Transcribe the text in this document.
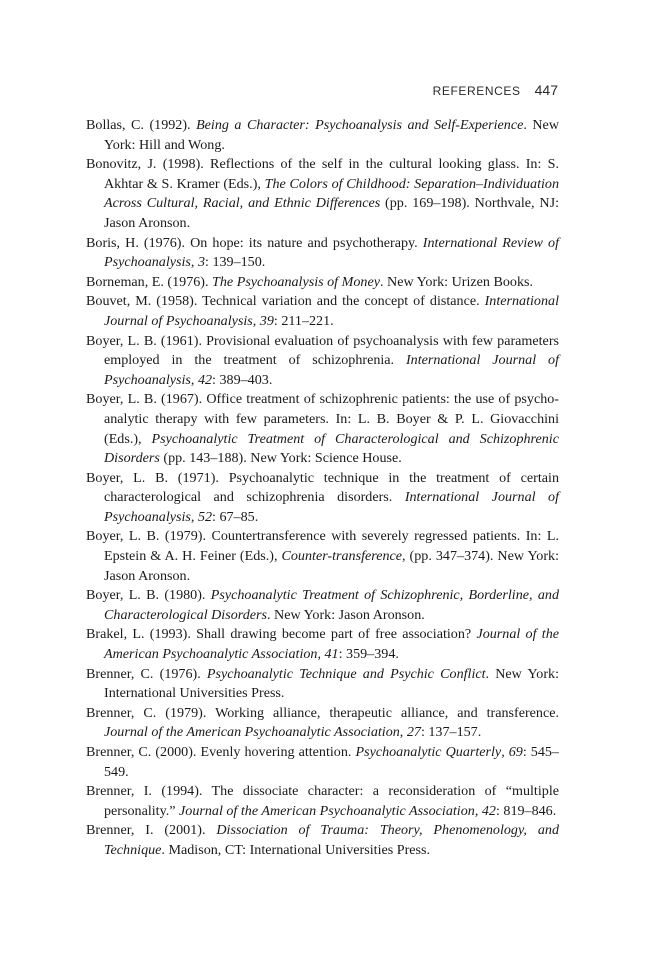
REFERENCES 447

Bollas, C. (1992). Being a Character: Psychoanalysis and Self-Experience. New York: Hill and Wong.

Bonovitz, J. (1998). Reflections of the self in the cultural looking glass. In: S. Akhtar & S. Kramer (Eds.), The Colors of Childhood: Separation–Individuation Across Cultural, Racial, and Ethnic Differences (pp. 169–198). Northvale, NJ: Jason Aronson.

Boris, H. (1976). On hope: its nature and psychotherapy. International Review of Psychoanalysis, 3: 139–150.

Borneman, E. (1976). The Psychoanalysis of Money. New York: Urizen Books.

Bouvet, M. (1958). Technical variation and the concept of distance. International Journal of Psychoanalysis, 39: 211–221.

Boyer, L. B. (1961). Provisional evaluation of psychoanalysis with few parameters employed in the treatment of schizophrenia. International Journal of Psychoanalysis, 42: 389–403.

Boyer, L. B. (1967). Office treatment of schizophrenic patients: the use of psycho-analytic therapy with few parameters. In: L. B. Boyer & P. L. Giovacchini (Eds.), Psychoanalytic Treatment of Characterological and Schizophrenic Disorders (pp. 143–188). New York: Science House.

Boyer, L. B. (1971). Psychoanalytic technique in the treatment of certain characterological and schizophrenia disorders. International Journal of Psychoanalysis, 52: 67–85.

Boyer, L. B. (1979). Countertransference with severely regressed patients. In: L. Epstein & A. H. Feiner (Eds.), Counter-transference, (pp. 347–374). New York: Jason Aronson.

Boyer, L. B. (1980). Psychoanalytic Treatment of Schizophrenic, Borderline, and Characterological Disorders. New York: Jason Aronson.

Brakel, L. (1993). Shall drawing become part of free association? Journal of the American Psychoanalytic Association, 41: 359–394.

Brenner, C. (1976). Psychoanalytic Technique and Psychic Conflict. New York: International Universities Press.

Brenner, C. (1979). Working alliance, therapeutic alliance, and transference. Journal of the American Psychoanalytic Association, 27: 137–157.

Brenner, C. (2000). Evenly hovering attention. Psychoanalytic Quarterly, 69: 545–549.

Brenner, I. (1994). The dissociate character: a reconsideration of “multiple personality.” Journal of the American Psychoanalytic Association, 42: 819–846.

Brenner, I. (2001). Dissociation of Trauma: Theory, Phenomenology, and Technique. Madison, CT: International Universities Press.
